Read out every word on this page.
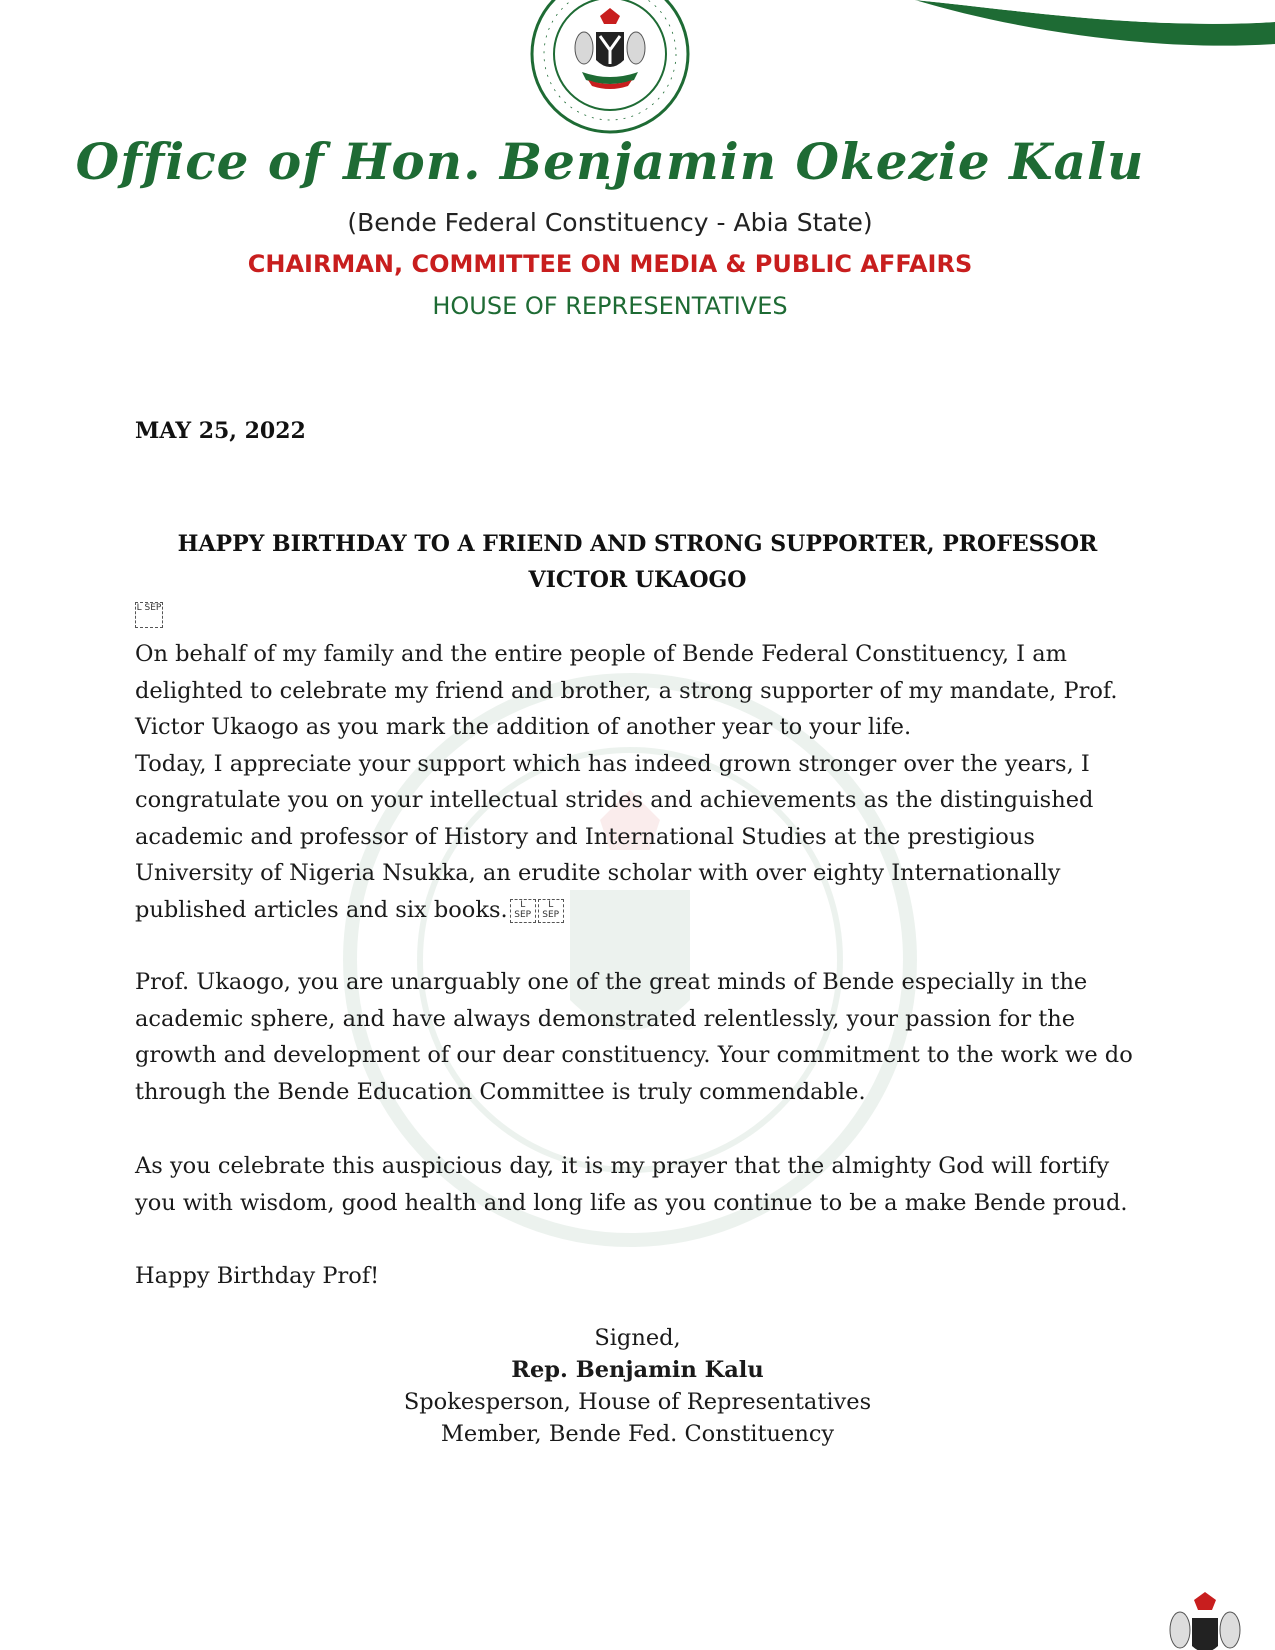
Office of Hon. Benjamin Okezie Kalu
(Bende Federal Constituency - Abia State)
CHAIRMAN, COMMITTEE ON MEDIA & PUBLIC AFFAIRS
HOUSE OF REPRESENTATIVES
MAY 25, 2022
HAPPY BIRTHDAY TO A FRIEND AND STRONG SUPPORTER, PROFESSOR VICTOR UKAOGO
L SEP
On behalf of my family and the entire people of Bende Federal Constituency, I am delighted to celebrate my friend and brother, a strong supporter of my mandate, Prof. Victor Ukaogo as you mark the addition of another year to your life.
Today, I appreciate your support which has indeed grown stronger over the years, I congratulate you on your intellectual strides and achievements as the distinguished academic and professor of History and International Studies at the prestigious University of Nigeria Nsukka, an erudite scholar with over eighty Internationally published articles and six books. L
SEPL
SEP
Prof. Ukaogo, you are unarguably one of the great minds of Bende especially in the academic sphere, and have always demonstrated relentlessly, your passion for the growth and development of our dear constituency. Your commitment to the work we do through the Bende Education Committee is truly commendable.
As you celebrate this auspicious day, it is my prayer that the almighty God will fortify you with wisdom, good health and long life as you continue to be a make Bende proud.
Happy Birthday Prof!
Signed,
Rep. Benjamin Kalu
Spokesperson, House of Representatives
Member, Bende Fed. Constituency
